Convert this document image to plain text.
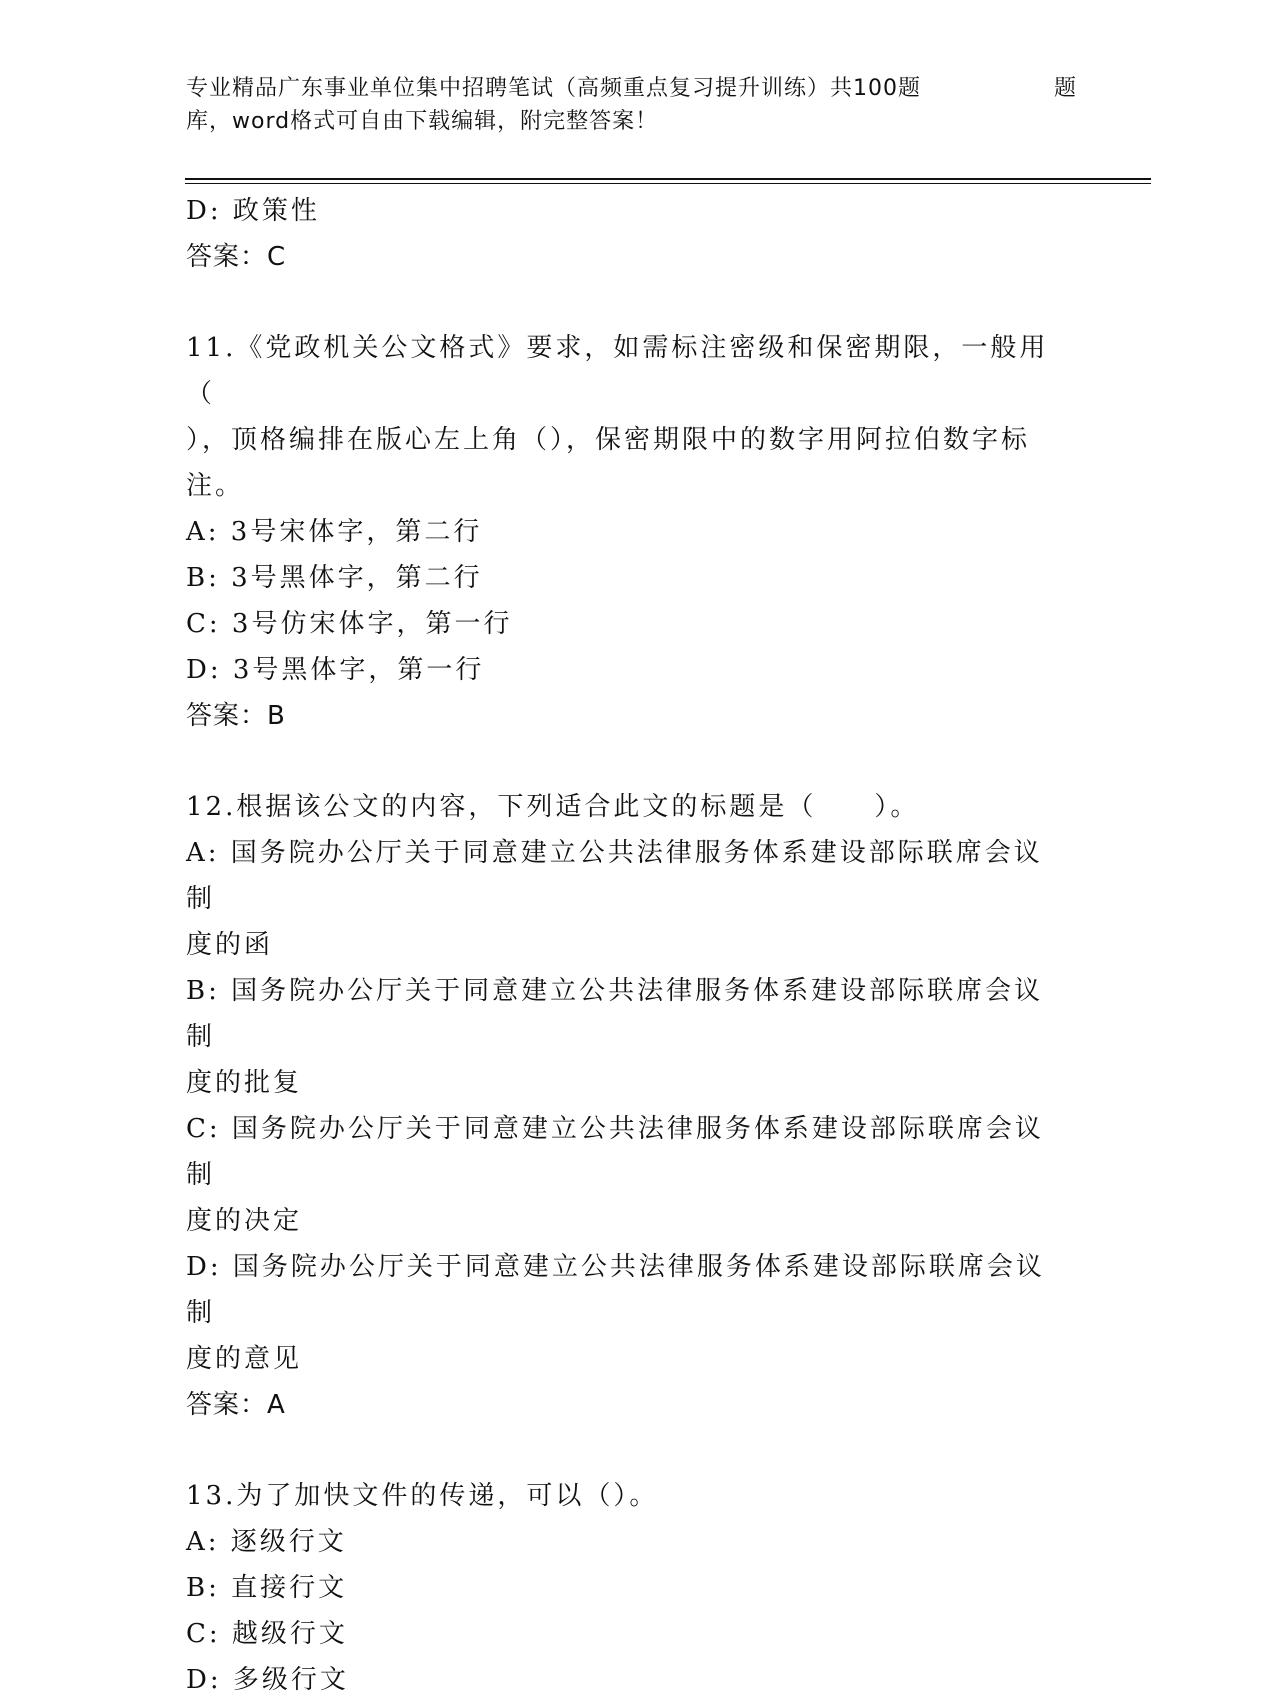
专业精品广东事业单位集中招聘笔试（高频重点复习提升训练）共100题	题
库，word格式可自由下载编辑，附完整答案！

D: 政策性

答案：C

11.《党政机关公文格式》要求，如需标注密级和保密期限，一般用（

），顶格编排在版心左上角（），保密期限中的数字用阿拉伯数字标

注。

A: 3号宋体字，第二行

B: 3号黑体字，第二行

C: 3号仿宋体字，第一行

D: 3号黑体字，第一行

答案：B

12.根据该公文的内容，下列适合此文的标题是（　　）。

A: 国务院办公厅关于同意建立公共法律服务体系建设部际联席会议制

度的函

B: 国务院办公厅关于同意建立公共法律服务体系建设部际联席会议制

度的批复

C: 国务院办公厅关于同意建立公共法律服务体系建设部际联席会议制

度的决定

D: 国务院办公厅关于同意建立公共法律服务体系建设部际联席会议制

度的意见

答案：A

13.为了加快文件的传递，可以（）。

A: 逐级行文

B: 直接行文

C: 越级行文

D: 多级行文
